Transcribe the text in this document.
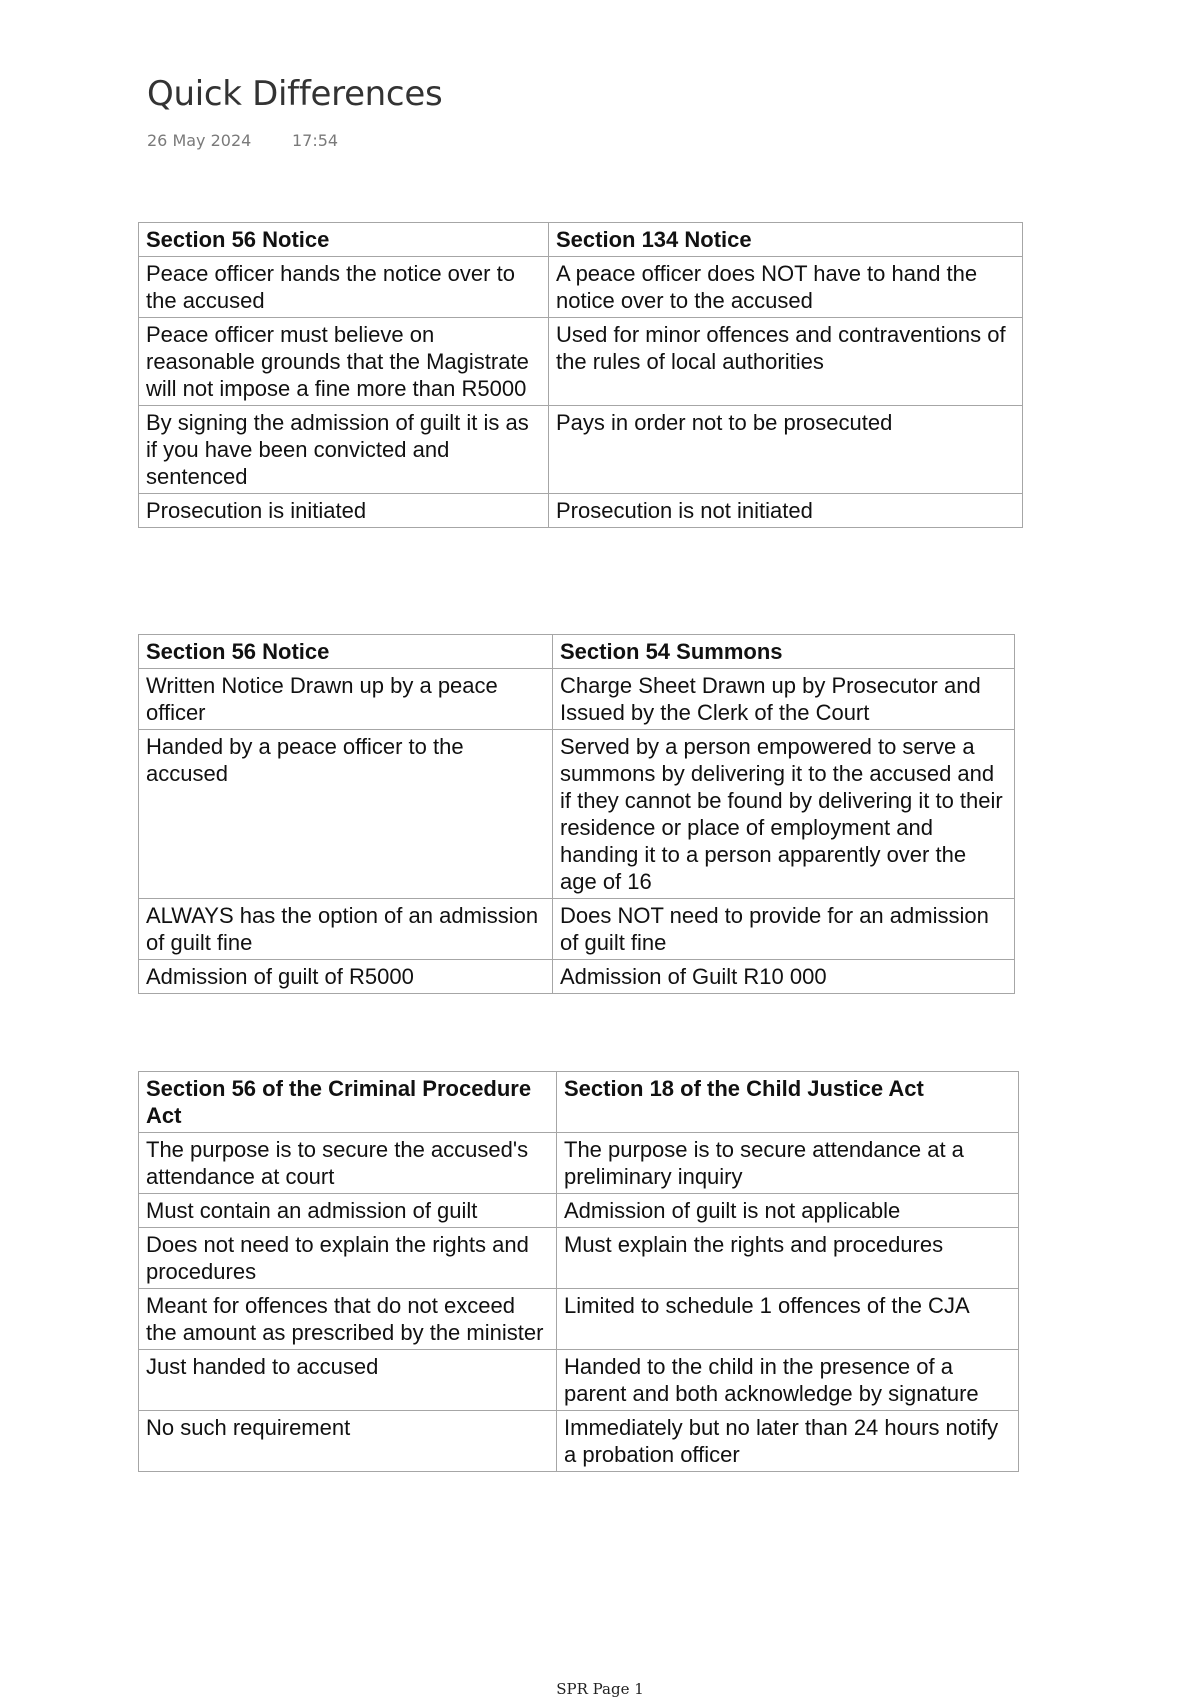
Quick Differences
26 May 2024	17:54
Section 56 Notice	Section 134 Notice
Peace officer hands the notice over to the accused	A peace officer does NOT have to hand the notice over to the accused
Peace officer must believe on reasonable grounds that the Magistrate will not impose a fine more than R5000	Used for minor offences and contraventions of the rules of local authorities
By signing the admission of guilt it is as if you have been convicted and sentenced	Pays in order not to be prosecuted
Prosecution is initiated	Prosecution is not initiated
Section 56 Notice	Section 54 Summons
Written Notice Drawn up by a peace officer	Charge Sheet Drawn up by Prosecutor and Issued by the Clerk of the Court
Handed by a peace officer to the accused	Served by a person empowered to serve a summons by delivering it to the accused and if they cannot be found by delivering it to their residence or place of employment and handing it to a person apparently over the age of 16
ALWAYS has the option of an admission of guilt fine	Does NOT need to provide for an admission of guilt fine
Admission of guilt of R5000	Admission of Guilt R10 000
Section 56 of the Criminal Procedure Act	Section 18 of the Child Justice Act
The purpose is to secure the accused's attendance at court	The purpose is to secure attendance at a preliminary inquiry
Must contain an admission of guilt	Admission of guilt is not applicable
Does not need to explain the rights and procedures	Must explain the rights and procedures
Meant for offences that do not exceed the amount as prescribed by the minister	Limited to schedule 1 offences of the CJA
Just handed to accused	Handed to the child in the presence of a parent and both acknowledge by signature
No such requirement	Immediately but no later than 24 hours notify a probation officer
SPR Page 1
